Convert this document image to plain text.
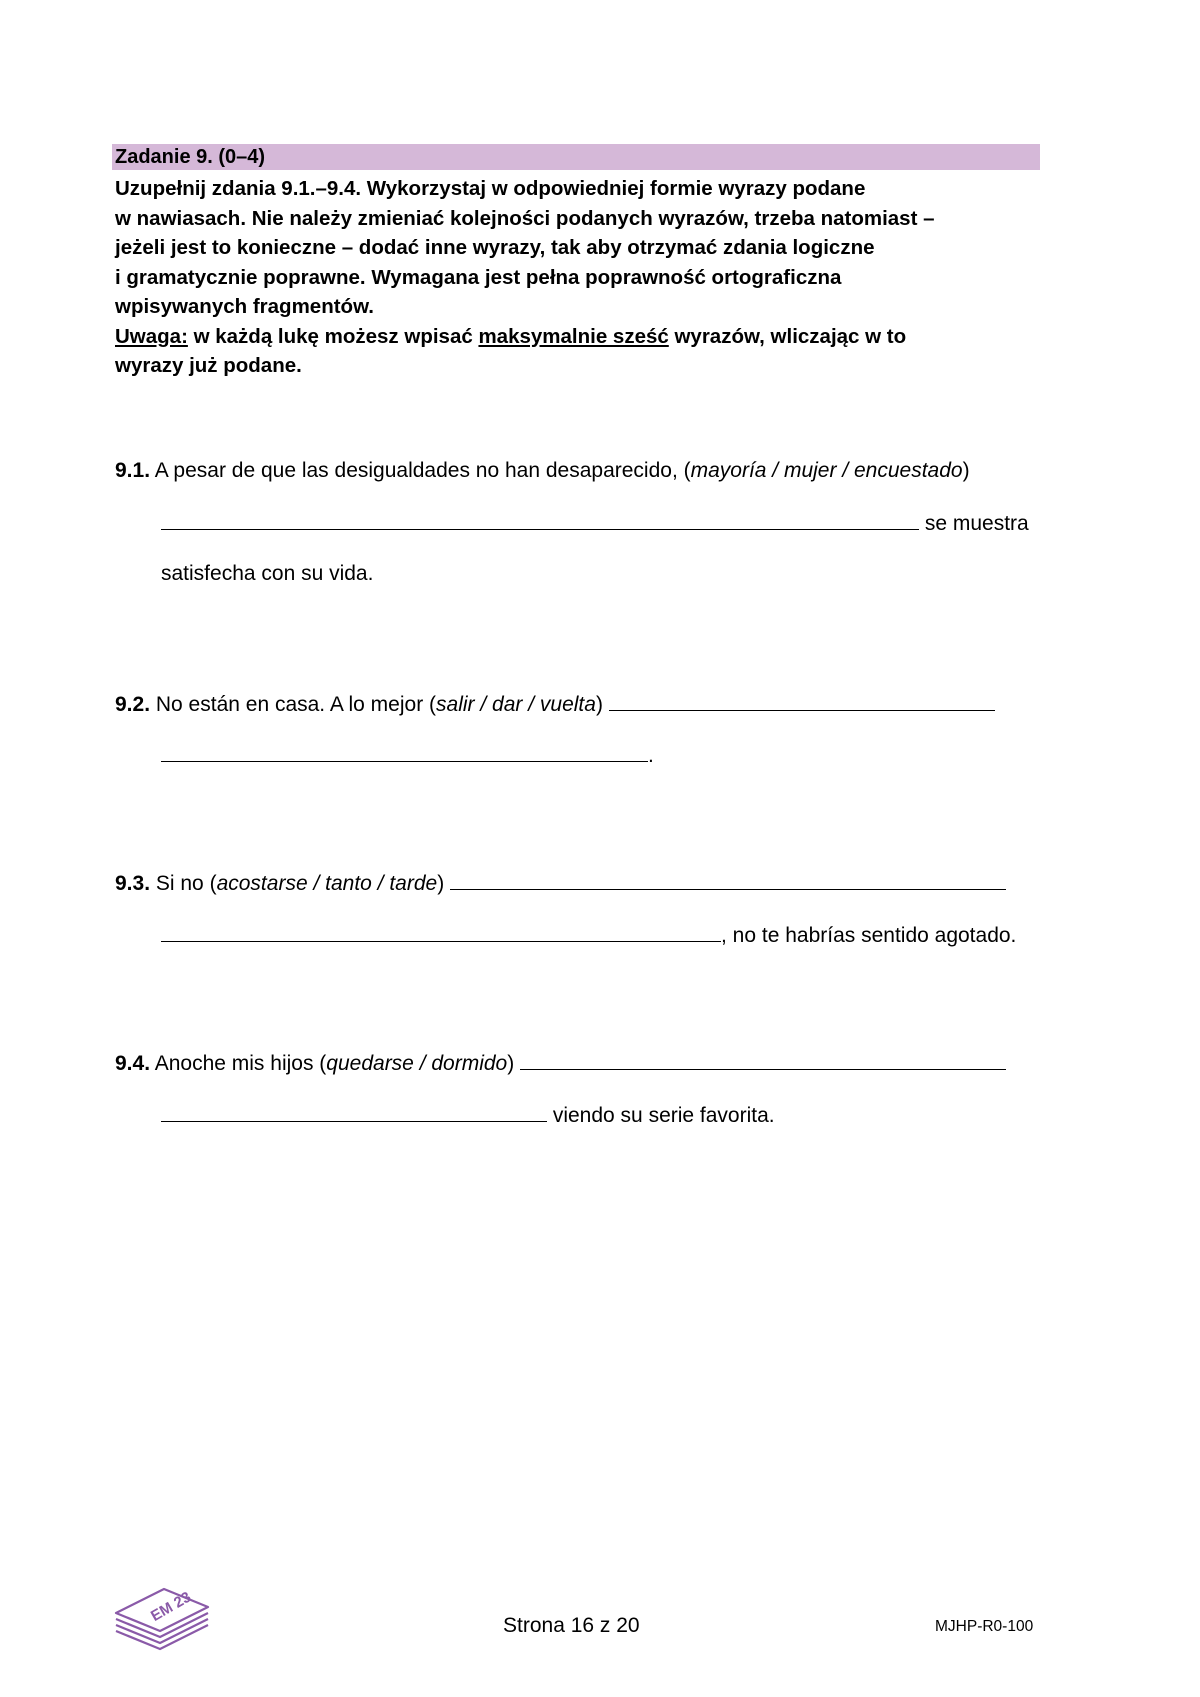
Zadanie 9. (0–4)

Uzupełnij zdania 9.1.–9.4. Wykorzystaj w odpowiedniej formie wyrazy podane

w nawiasach. Nie należy zmieniać kolejności podanych wyrazów, trzeba natomiast –

jeżeli jest to konieczne – dodać inne wyrazy, tak aby otrzymać zdania logiczne

i gramatycznie poprawne. Wymagana jest pełna poprawność ortograficzna

wpisywanych fragmentów.

Uwaga: w każdą lukę możesz wpisać maksymalnie sześć wyrazów, wliczając w to

wyrazy już podane.

9.1. A pesar de que las desigualdades no han desaparecido, (mayoría / mujer / encuestado)
se muestra
satisfecha con su vida.
9.2. No están en casa. A lo mejor (salir / dar / vuelta)
.
9.3. Si no (acostarse / tanto / tarde)
, no te habrías sentido agotado.
9.4. Anoche mis hijos (quedarse / dormido)
viendo su serie favorita.
EM 23
Strona 16 z 20	MJHP-R0-100
